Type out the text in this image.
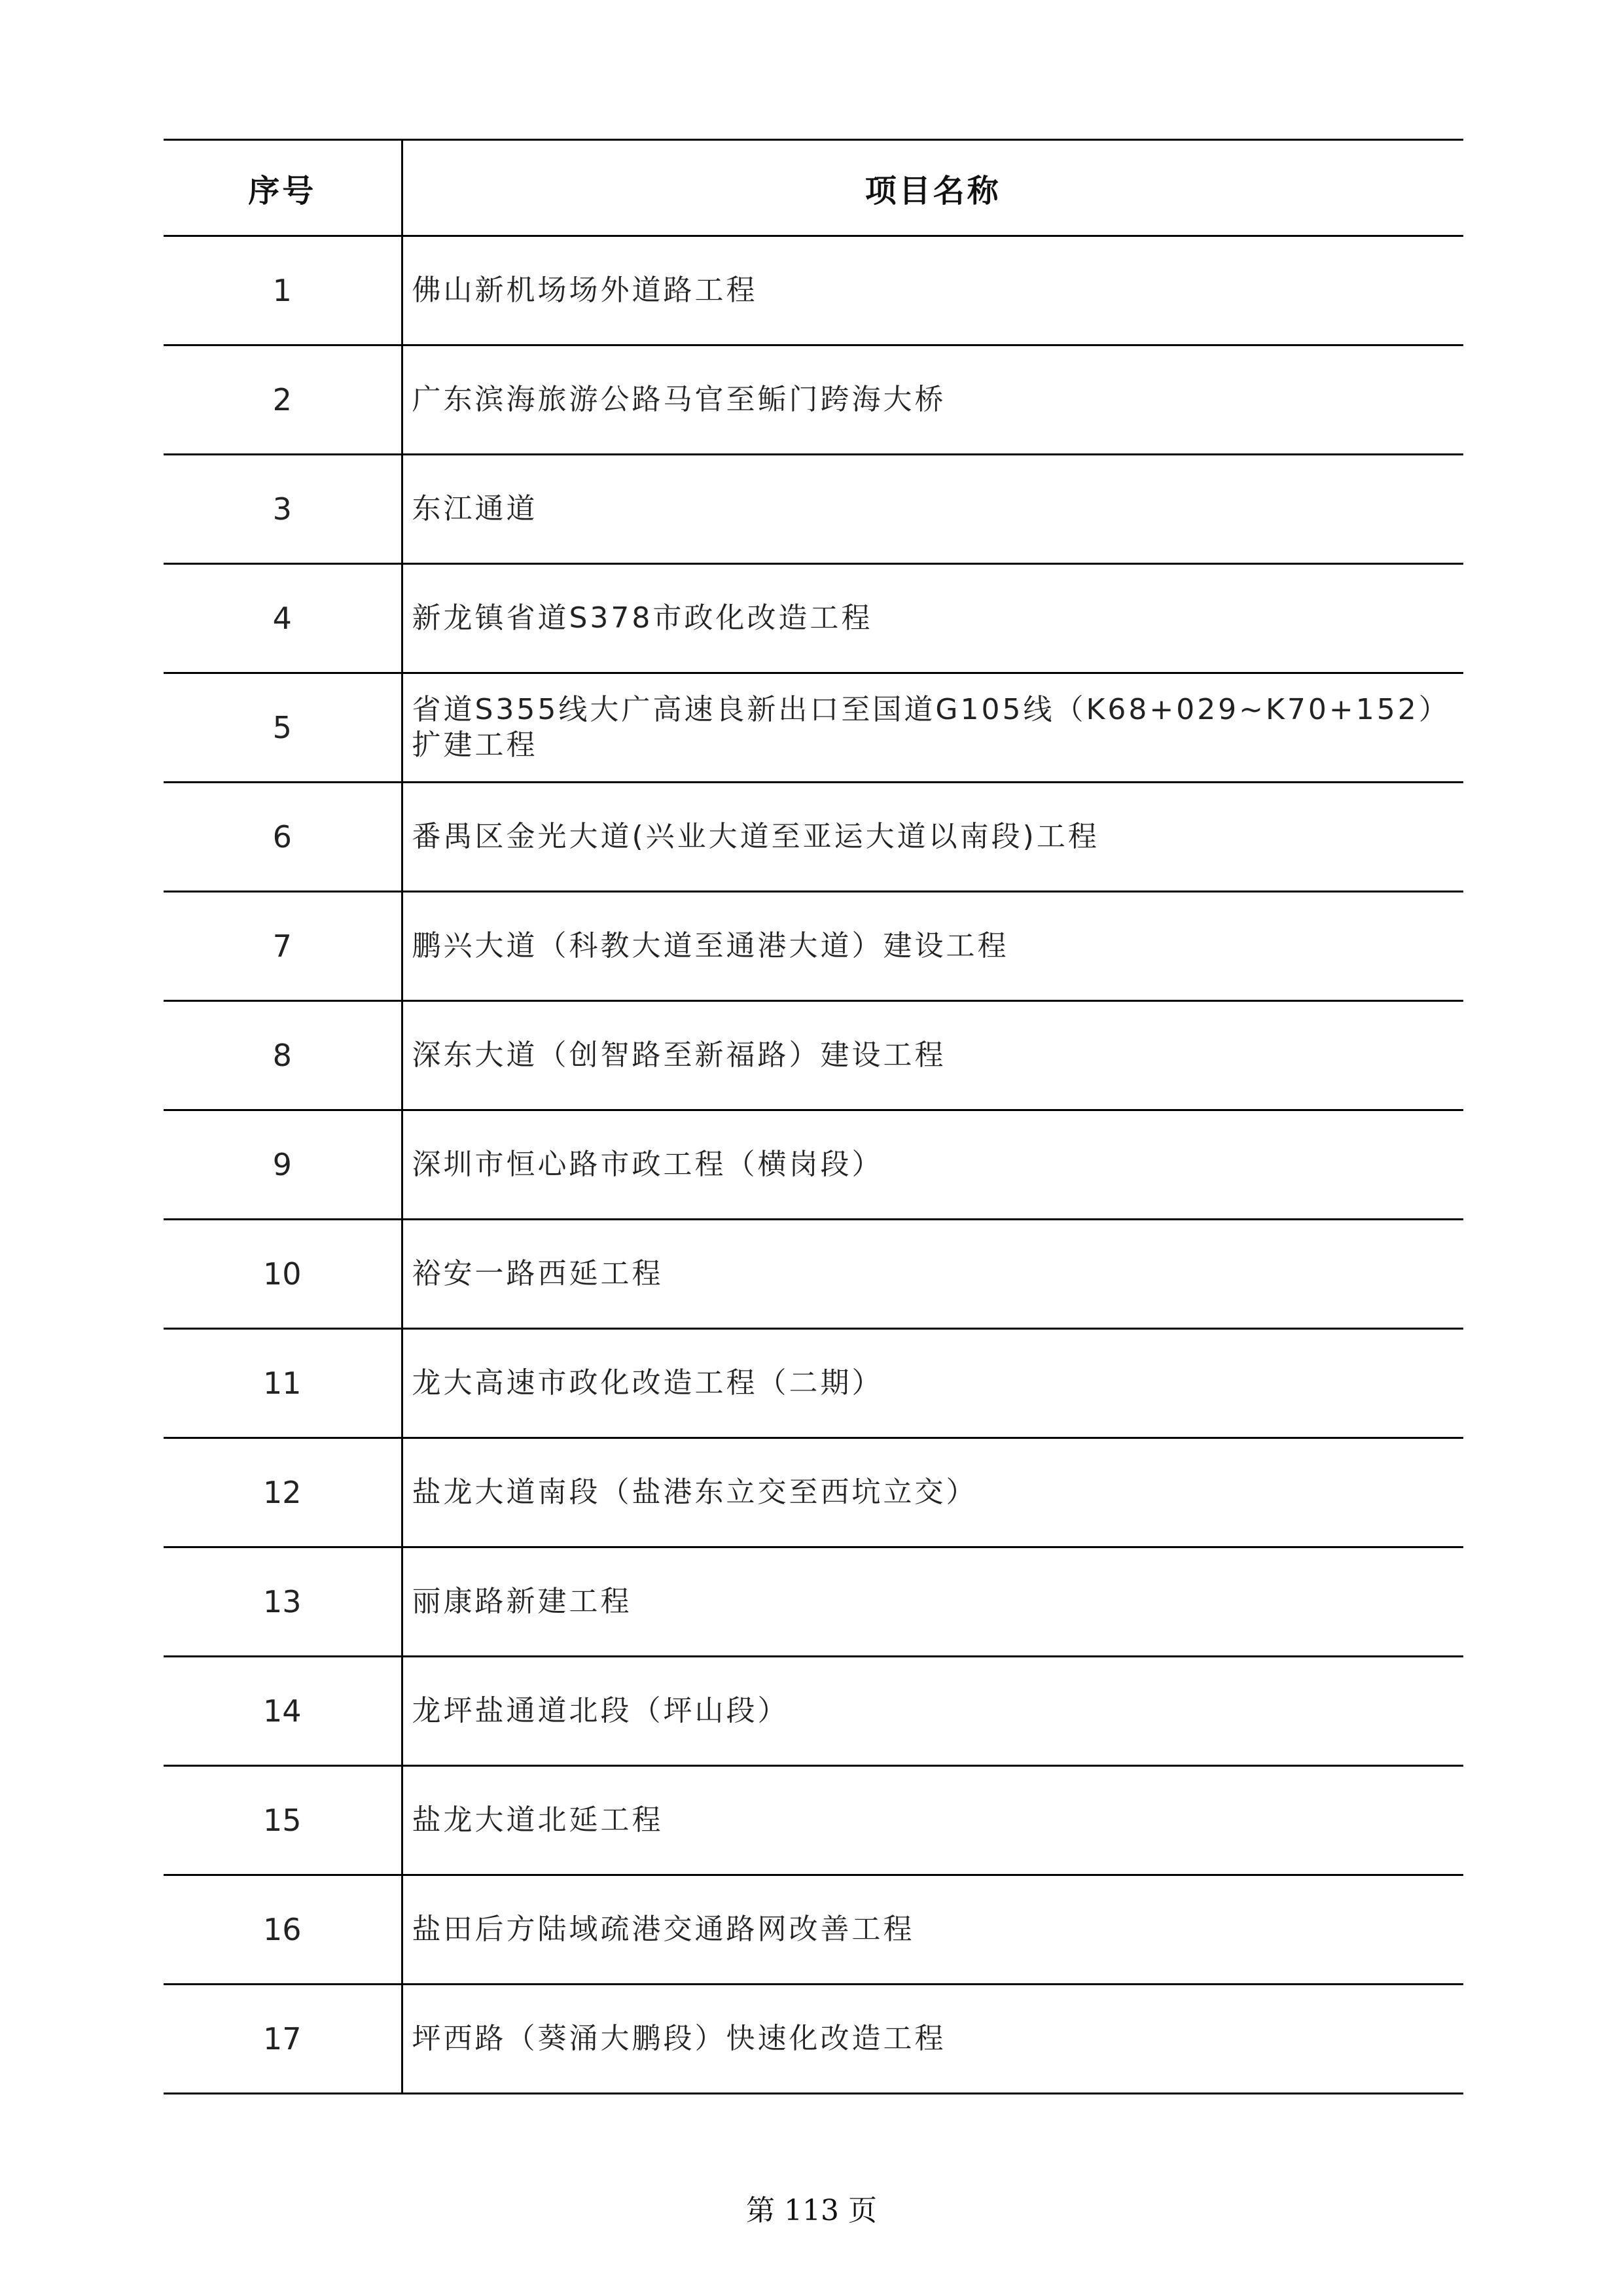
序号	项目名称
1	佛山新机场场外道路工程
2	广东滨海旅游公路马官至鲘门跨海大桥
3	东江通道
4	新龙镇省道S378市政化改造工程
5	省道S355线大广高速良新出口至国道G105线（K68+029~K70+152）扩建工程
6	番禺区金光大道(兴业大道至亚运大道以南段)工程
7	鹏兴大道（科教大道至通港大道）建设工程
8	深东大道（创智路至新福路）建设工程
9	深圳市恒心路市政工程（横岗段）
10	裕安一路西延工程
11	龙大高速市政化改造工程（二期）
12	盐龙大道南段（盐港东立交至西坑立交）
13	丽康路新建工程
14	龙坪盐通道北段（坪山段）
15	盐龙大道北延工程
16	盐田后方陆域疏港交通路网改善工程
17	坪西路（葵涌大鹏段）快速化改造工程
第 113 页
